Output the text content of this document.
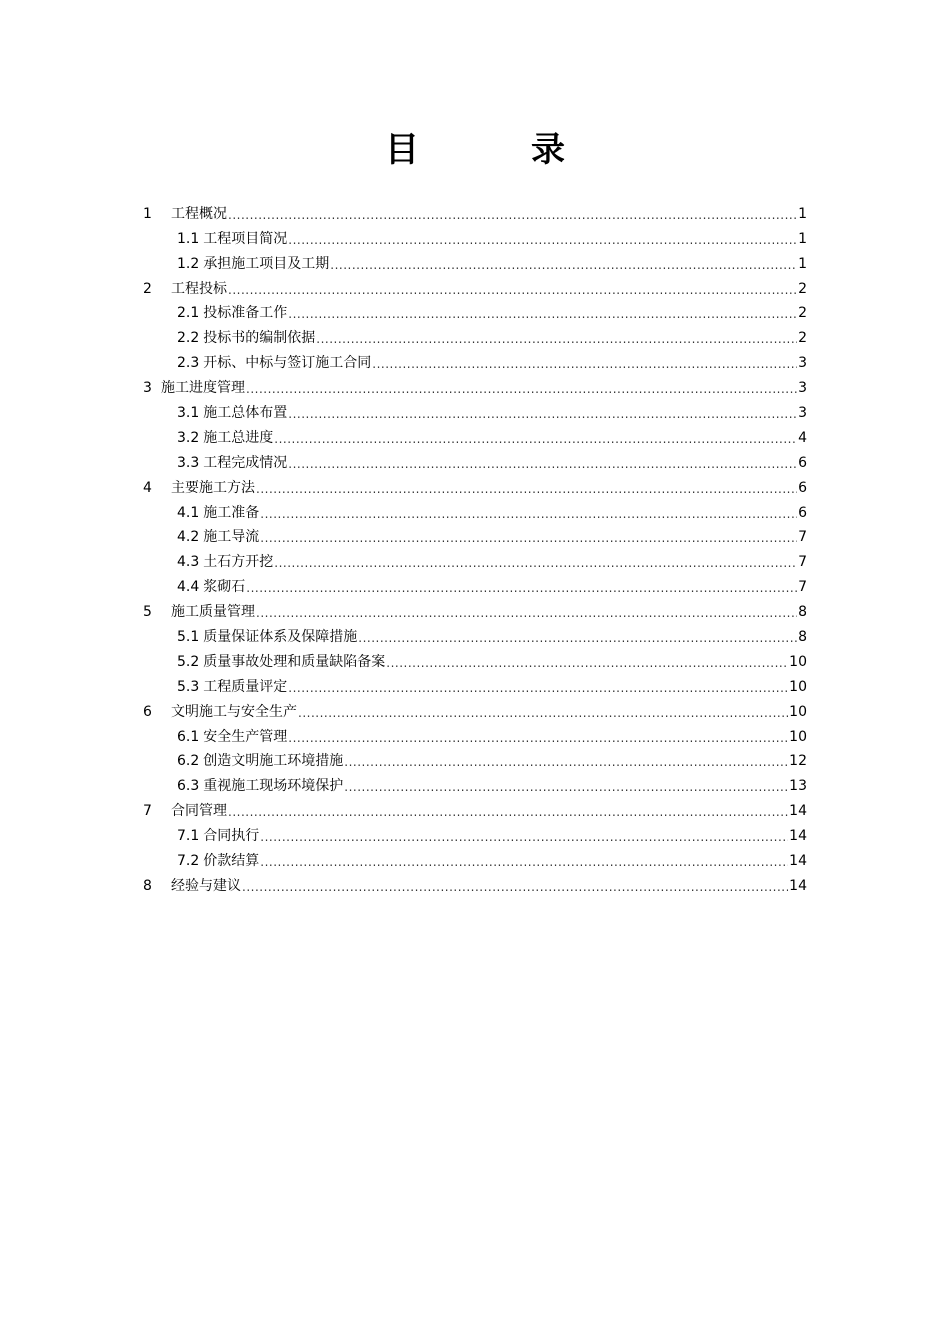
目	录
1	工程概况 .....	1
1.1 工程项目简况 .....	1
1.2 承担施工项目及工期 .....	1
2	工程投标 .....	2
2.1 投标准备工作 .....	2
2.2 投标书的编制依据 .....	2
2.3 开标、中标与签订施工合同 .....	3
3 施工进度管理 .....	3
3.1 施工总体布置 .....	3
3.2 施工总进度 .....	4
3.3 工程完成情况 .....	6
4	主要施工方法 .....	6
4.1 施工准备 .....	6
4.2 施工导流 .....	7
4.3 土石方开挖 .....	7
4.4 浆砌石 .....	7
5	施工质量管理 .....	8
5.1 质量保证体系及保障措施 .....	8
5.2 质量事故处理和质量缺陷备案 .....	10
5.3 工程质量评定 .....	10
6	文明施工与安全生产 .....	10
6.1 安全生产管理 .....	10
6.2 创造文明施工环境措施 .....	12
6.3 重视施工现场环境保护 .....	13
7	合同管理 .....	14
7.1 合同执行 .....	14
7.2 价款结算 .....	14
8	经验与建议 .....	14
